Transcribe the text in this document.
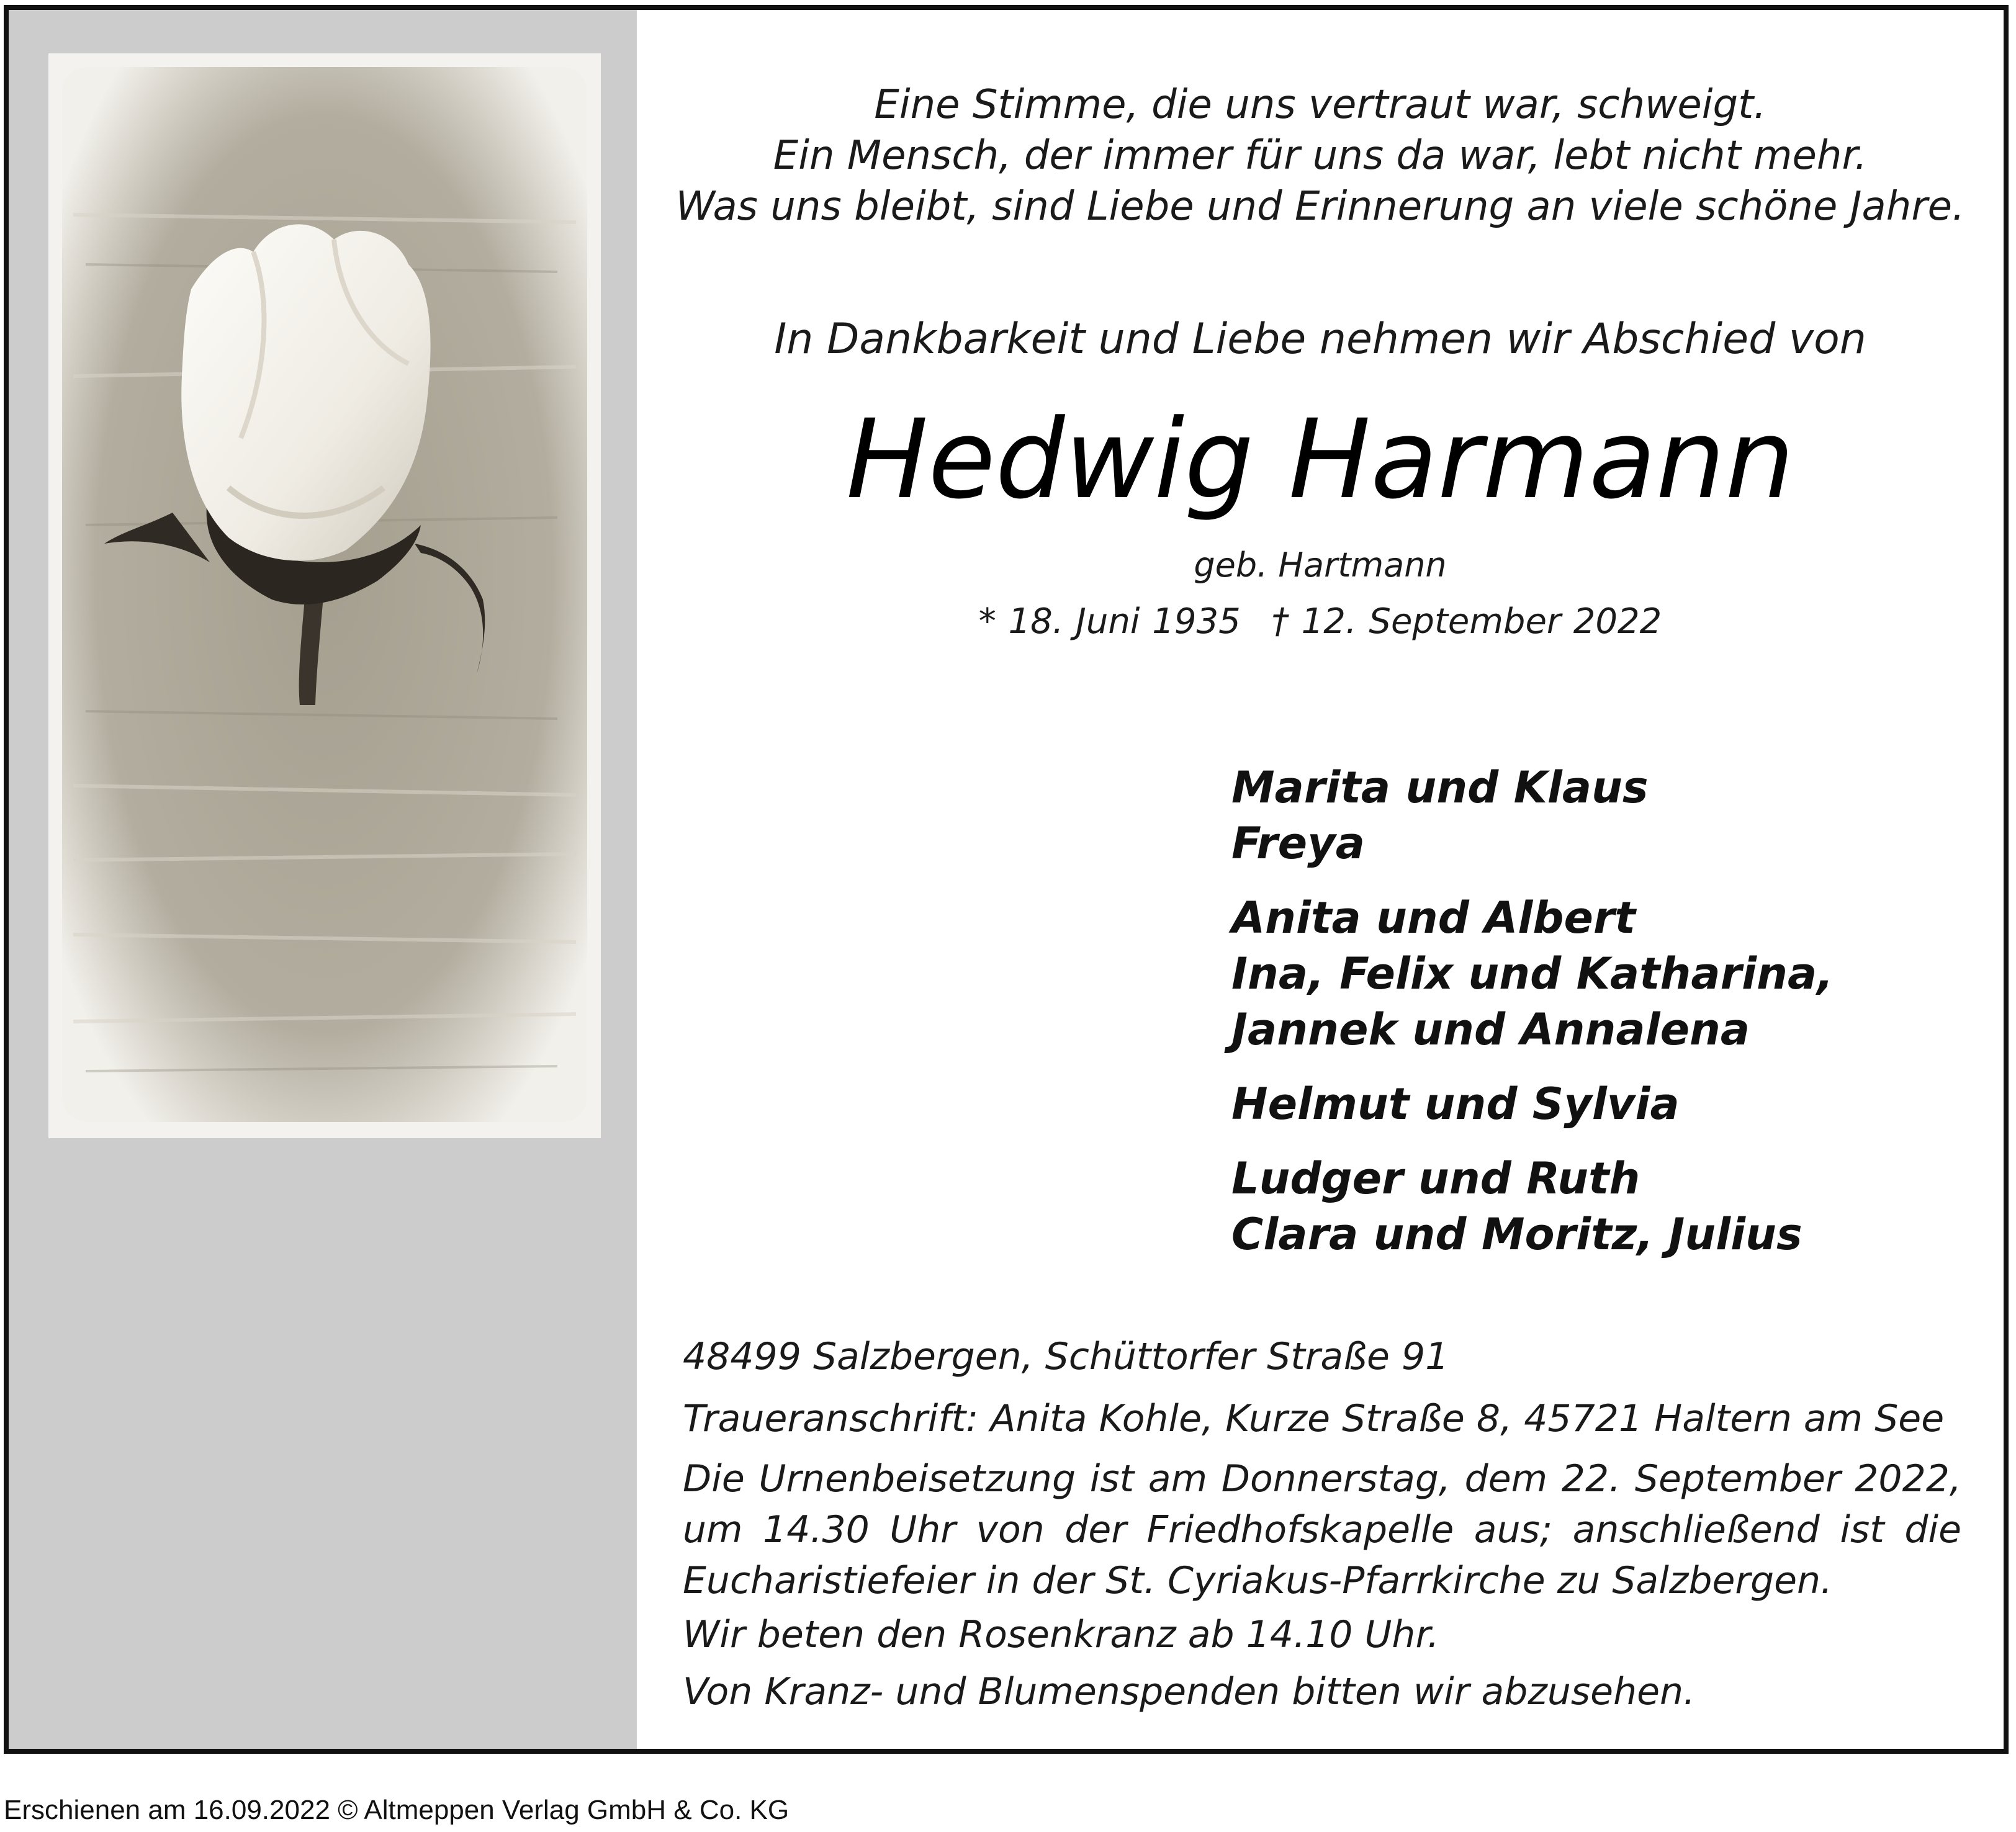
Eine Stimme, die uns vertraut war, schweigt.
Ein Mensch, der immer für uns da war, lebt nicht mehr.
Was uns bleibt, sind Liebe und Erinnerung an viele schöne Jahre.
In Dankbarkeit und Liebe nehmen wir Abschied von
Hedwig Harmann
geb. Hartmann
* 18. Juni 1935 † 12. September 2022
Marita und Klaus
Freya
Anita und Albert
Ina, Felix und Katharina,
Jannek und Annalena
Helmut und Sylvia
Ludger und Ruth
Clara und Moritz, Julius
48499 Salzbergen, Schüttorfer Straße 91
Traueranschrift: Anita Kohle, Kurze Straße 8, 45721 Haltern am See
Die Urnenbeisetzung ist am Donnerstag, dem 22. September 2022, um 14.30 Uhr von der Friedhofskapelle aus; anschließend ist die Eucharistiefeier in der St. Cyriakus-Pfarrkirche zu Salzbergen.
Wir beten den Rosenkranz ab 14.10 Uhr.
Von Kranz- und Blumenspenden bitten wir abzusehen.
Erschienen am 16.09.2022 © Altmeppen Verlag GmbH & Co. KG
